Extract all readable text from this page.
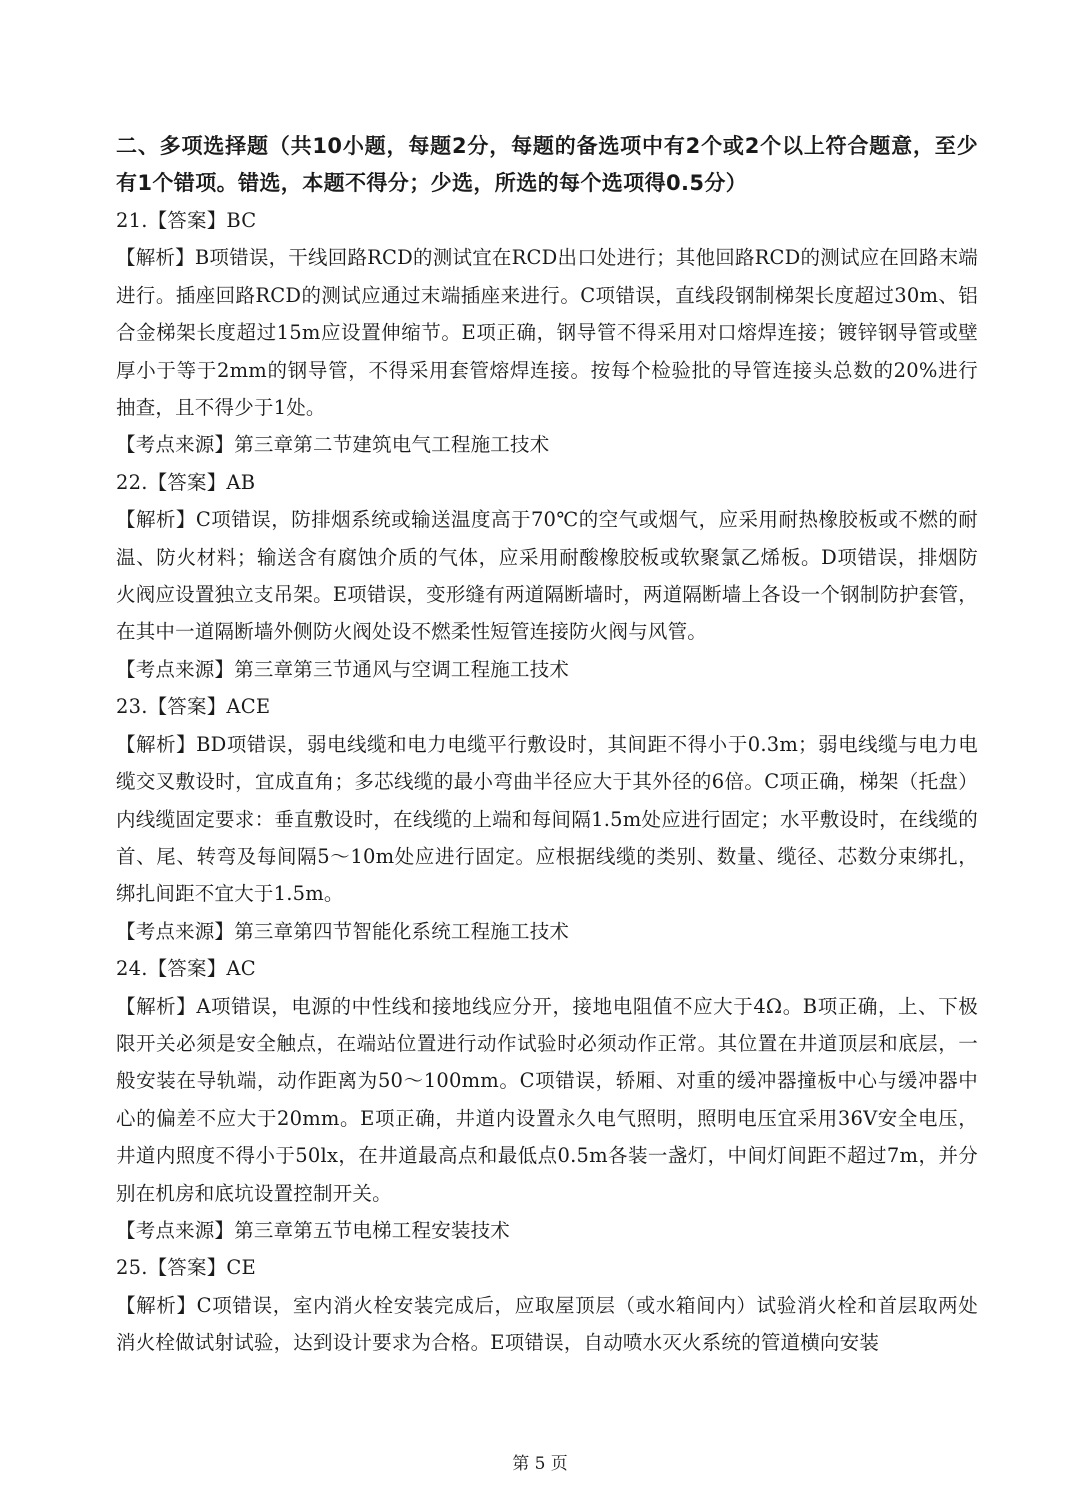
二、多项选择题（共10小题，每题2分，每题的备选项中有2个或2个以上符合题意，至少有1个错项。错选，本题不得分；少选，所选的每个选项得0.5分）

21.【答案】BC

【解析】B项错误，干线回路RCD的测试宜在RCD出口处进行；其他回路RCD的测试应在回路末端进行。插座回路RCD的测试应通过末端插座来进行。C项错误，直线段钢制梯架长度超过30m、铝合金梯架长度超过15m应设置伸缩节。E项正确，钢导管不得采用对口熔焊连接；镀锌钢导管或壁厚小于等于2mm的钢导管，不得采用套管熔焊连接。按每个检验批的导管连接头总数的20%进行抽查，且不得少于1处。

【考点来源】第三章第二节建筑电气工程施工技术

22.【答案】AB

【解析】C项错误，防排烟系统或输送温度高于70℃的空气或烟气，应采用耐热橡胶板或不燃的耐温、防火材料；输送含有腐蚀介质的气体，应采用耐酸橡胶板或软聚氯乙烯板。D项错误，排烟防火阀应设置独立支吊架。E项错误，变形缝有两道隔断墙时，两道隔断墙上各设一个钢制防护套管，在其中一道隔断墙外侧防火阀处设不燃柔性短管连接防火阀与风管。

【考点来源】第三章第三节通风与空调工程施工技术

23.【答案】ACE

【解析】BD项错误，弱电线缆和电力电缆平行敷设时，其间距不得小于0.3m；弱电线缆与电力电缆交叉敷设时，宜成直角；多芯线缆的最小弯曲半径应大于其外径的6倍。C项正确，梯架（托盘）内线缆固定要求：垂直敷设时，在线缆的上端和每间隔1.5m处应进行固定；水平敷设时，在线缆的首、尾、转弯及每间隔5～10m处应进行固定。应根据线缆的类别、数量、缆径、芯数分束绑扎，绑扎间距不宜大于1.5m。

【考点来源】第三章第四节智能化系统工程施工技术

24.【答案】AC

【解析】A项错误，电源的中性线和接地线应分开，接地电阻值不应大于4Ω。B项正确，上、下极限开关必须是安全触点，在端站位置进行动作试验时必须动作正常。其位置在井道顶层和底层，一般安装在导轨端，动作距离为50～100mm。C项错误，轿厢、对重的缓冲器撞板中心与缓冲器中心的偏差不应大于20mm。E项正确，井道内设置永久电气照明，照明电压宜采用36V安全电压，井道内照度不得小于50lx，在井道最高点和最低点0.5m各装一盏灯，中间灯间距不超过7m，并分别在机房和底坑设置控制开关。

【考点来源】第三章第五节电梯工程安装技术

25.【答案】CE

【解析】C项错误，室内消火栓安装完成后，应取屋顶层（或水箱间内）试验消火栓和首层取两处消火栓做试射试验，达到设计要求为合格。E项错误，自动喷水灭火系统的管道横向安装

第 5 页
